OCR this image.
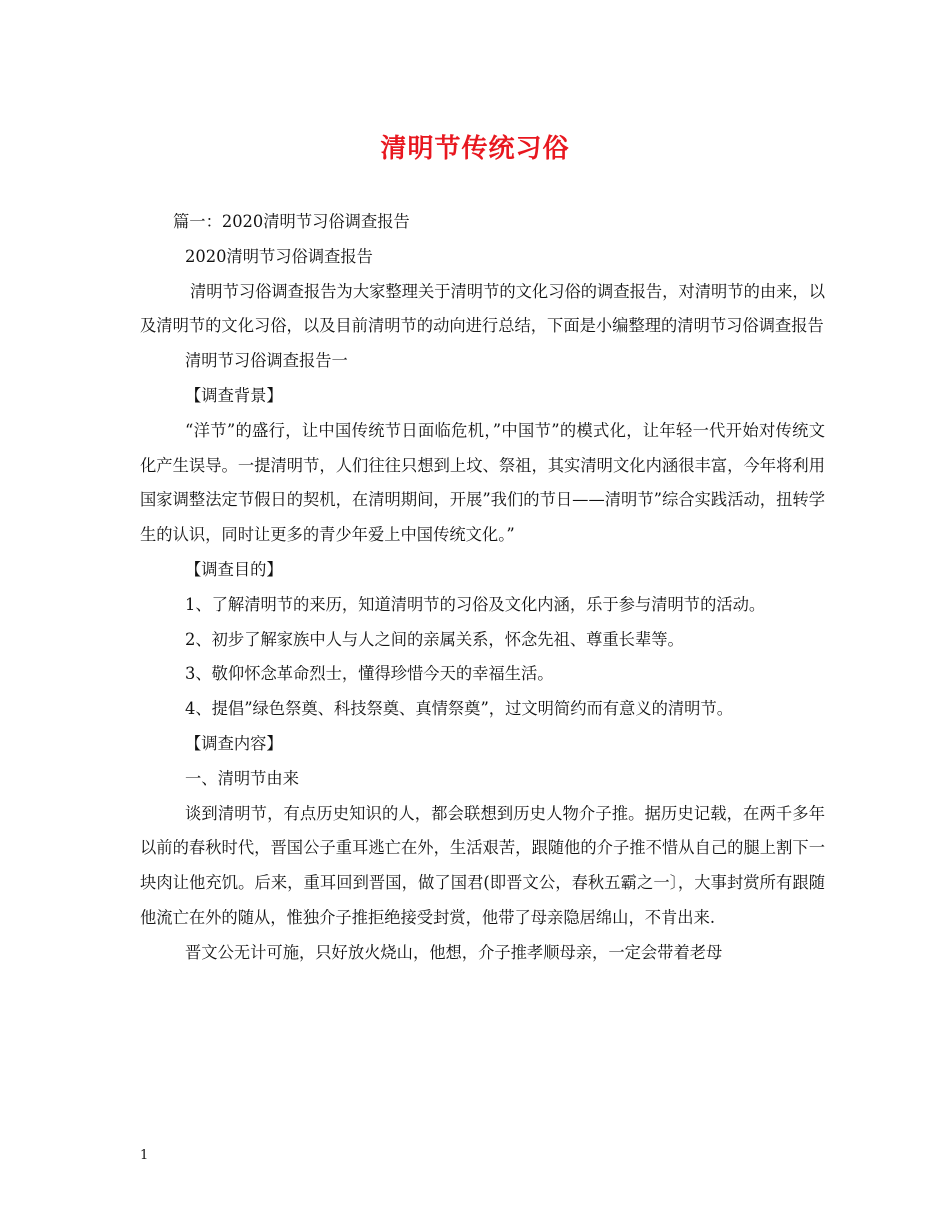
清明节传统习俗

篇一：2020清明节习俗调查报告

2020清明节习俗调查报告

清明节习俗调查报告为大家整理关于清明节的文化习俗的调查报告，对清明节的由来，以及清明节的文化习俗，以及目前清明节的动向进行总结，下面是小编整理的清明节习俗调查报告

清明节习俗调查报告一

【调查背景】

“洋节”的盛行，让中国传统节日面临危机，”中国节”的模式化，让年轻一代开始对传统文化产生误导。一提清明节，人们往往只想到上坟、祭祖，其实清明文化内涵很丰富，今年将利用国家调整法定节假日的契机，在清明期间，开展”我们的节日——清明节”综合实践活动，扭转学生的认识，同时让更多的青少年爱上中国传统文化。”

【调查目的】

1、了解清明节的来历，知道清明节的习俗及文化内涵，乐于参与清明节的活动。

2、初步了解家族中人与人之间的亲属关系，怀念先祖、尊重长辈等。

3、敬仰怀念革命烈士，懂得珍惜今天的幸福生活。

4、提倡”绿色祭奠、科技祭奠、真情祭奠”，过文明简约而有意义的清明节。

【调查内容】

一、清明节由来

谈到清明节，有点历史知识的人，都会联想到历史人物介子推。据历史记载，在两千多年以前的春秋时代，晋国公子重耳逃亡在外，生活艰苦，跟随他的介子推不惜从自己的腿上割下一块肉让他充饥。后来，重耳回到晋国，做了国君(即晋文公，春秋五霸之一〕，大事封赏所有跟随他流亡在外的随从，惟独介子推拒绝接受封赏，他带了母亲隐居绵山，不肯出来.

晋文公无计可施，只好放火烧山，他想，介子推孝顺母亲，一定会带着老母

1
